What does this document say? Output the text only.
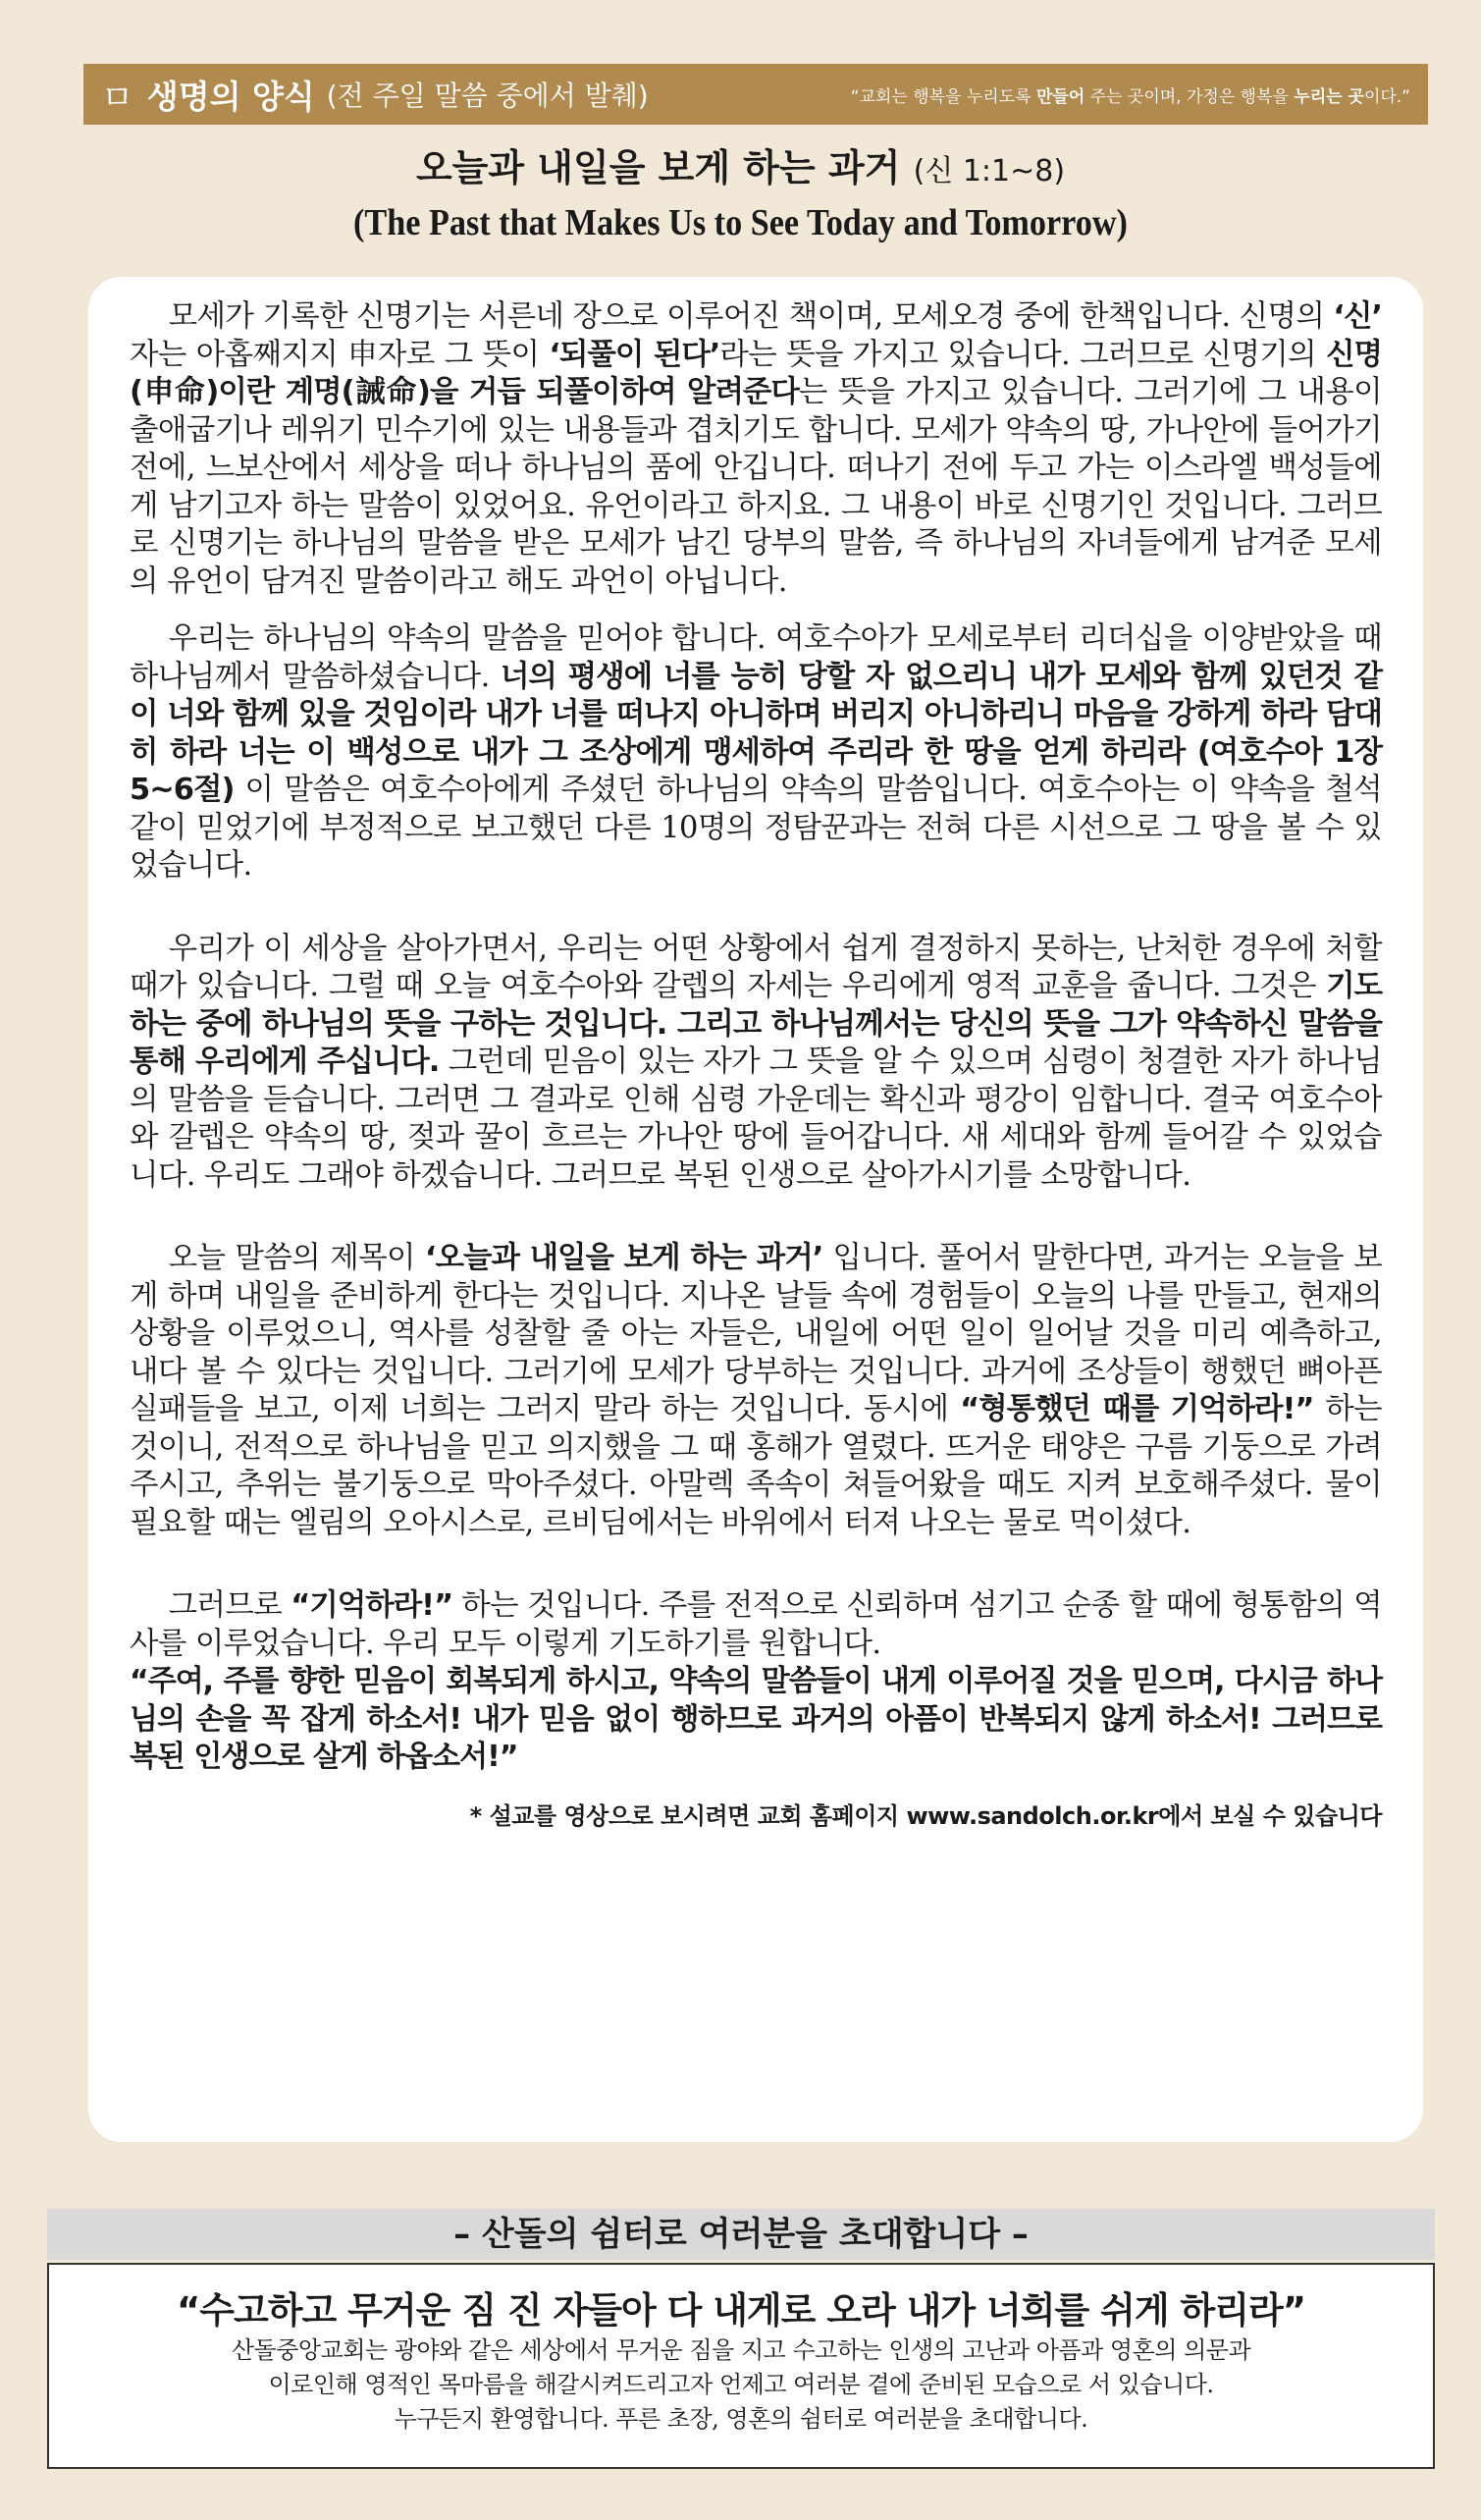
ㅁ 생명의 양식 (전 주일 말씀 중에서 발췌)	“교회는 행복을 누리도록 만들어 주는 곳이며, 가정은 행복을 누리는 곳이다.”
오늘과 내일을 보게 하는 과거 (신 1:1~8)
(The Past that Makes Us to See Today and Tomorrow)

모세가 기록한 신명기는 서른네 장으로 이루어진 책이며, 모세오경 중에 한책입니다. 신명의 ‘신’ 자는 아홉째지지 申자로 그 뜻이 ‘되풀이 된다’라는 뜻을 가지고 있습니다. 그러므로 신명기의 신명(申命)이란 계명(誡命)을 거듭 되풀이하여 알려준다는 뜻을 가지고 있습니다. 그러기에 그 내용이 출애굽기나 레위기 민수기에 있는 내용들과 겹치기도 합니다. 모세가 약속의 땅, 가나안에 들어가기 전에, 느보산에서 세상을 떠나 하나님의 품에 안깁니다. 떠나기 전에 두고 가는 이스라엘 백성들에게 남기고자 하는 말씀이 있었어요. 유언이라고 하지요. 그 내용이 바로 신명기인 것입니다. 그러므로 신명기는 하나님의 말씀을 받은 모세가 남긴 당부의 말씀, 즉 하나님의 자녀들에게 남겨준 모세의 유언이 담겨진 말씀이라고 해도 과언이 아닙니다.

우리는 하나님의 약속의 말씀을 믿어야 합니다. 여호수아가 모세로부터 리더십을 이양받았을 때 하나님께서 말씀하셨습니다. 너의 평생에 너를 능히 당할 자 없으리니 내가 모세와 함께 있던것 같이 너와 함께 있을 것임이라 내가 너를 떠나지 아니하며 버리지 아니하리니 마음을 강하게 하라 담대히 하라 너는 이 백성으로 내가 그 조상에게 맹세하여 주리라 한 땅을 얻게 하리라 (여호수아 1장 5~6절) 이 말씀은 여호수아에게 주셨던 하나님의 약속의 말씀입니다. 여호수아는 이 약속을 철석같이 믿었기에 부정적으로 보고했던 다른 10명의 정탐꾼과는 전혀 다른 시선으로 그 땅을 볼 수 있었습니다.

우리가 이 세상을 살아가면서, 우리는 어떤 상황에서 쉽게 결정하지 못하는, 난처한 경우에 처할 때가 있습니다. 그럴 때 오늘 여호수아와 갈렙의 자세는 우리에게 영적 교훈을 줍니다. 그것은 기도하는 중에 하나님의 뜻을 구하는 것입니다. 그리고 하나님께서는 당신의 뜻을 그가 약속하신 말씀을 통해 우리에게 주십니다. 그런데 믿음이 있는 자가 그 뜻을 알 수 있으며 심령이 청결한 자가 하나님의 말씀을 듣습니다. 그러면 그 결과로 인해 심령 가운데는 확신과 평강이 임합니다. 결국 여호수아와 갈렙은 약속의 땅, 젖과 꿀이 흐르는 가나안 땅에 들어갑니다. 새 세대와 함께 들어갈 수 있었습니다. 우리도 그래야 하겠습니다. 그러므로 복된 인생으로 살아가시기를 소망합니다.

오늘 말씀의 제목이 ‘오늘과 내일을 보게 하는 과거’ 입니다. 풀어서 말한다면, 과거는 오늘을 보게 하며 내일을 준비하게 한다는 것입니다. 지나온 날들 속에 경험들이 오늘의 나를 만들고, 현재의 상황을 이루었으니, 역사를 성찰할 줄 아는 자들은, 내일에 어떤 일이 일어날 것을 미리 예측하고, 내다 볼 수 있다는 것입니다. 그러기에 모세가 당부하는 것입니다. 과거에 조상들이 행했던 뼈아픈 실패들을 보고, 이제 너희는 그러지 말라 하는 것입니다. 동시에 “형통했던 때를 기억하라!” 하는 것이니, 전적으로 하나님을 믿고 의지했을 그 때 홍해가 열렸다. 뜨거운 태양은 구름 기둥으로 가려주시고, 추위는 불기둥으로 막아주셨다. 아말렉 족속이 쳐들어왔을 때도 지켜 보호해주셨다. 물이 필요할 때는 엘림의 오아시스로, 르비딤에서는 바위에서 터져 나오는 물로 먹이셨다.

그러므로 “기억하라!” 하는 것입니다. 주를 전적으로 신뢰하며 섬기고 순종 할 때에 형통함의 역사를 이루었습니다. 우리 모두 이렇게 기도하기를 원합니다.

“주여, 주를 향한 믿음이 회복되게 하시고, 약속의 말씀들이 내게 이루어질 것을 믿으며, 다시금 하나님의 손을 꼭 잡게 하소서! 내가 믿음 없이 행하므로 과거의 아픔이 반복되지 않게 하소서! 그러므로 복된 인생으로 살게 하옵소서!”

* 설교를 영상으로 보시려면 교회 홈페이지 www.sandolch.or.kr에서 보실 수 있습니다
– 산돌의 쉼터로 여러분을 초대합니다 –
“수고하고 무거운 짐 진 자들아 다 내게로 오라 내가 너희를 쉬게 하리라”
산돌중앙교회는 광야와 같은 세상에서 무거운 짐을 지고 수고하는 인생의 고난과 아픔과 영혼의 의문과
이로인해 영적인 목마름을 해갈시켜드리고자 언제고 여러분 곁에 준비된 모습으로 서 있습니다.
누구든지 환영합니다. 푸른 초장, 영혼의 쉼터로 여러분을 초대합니다.
